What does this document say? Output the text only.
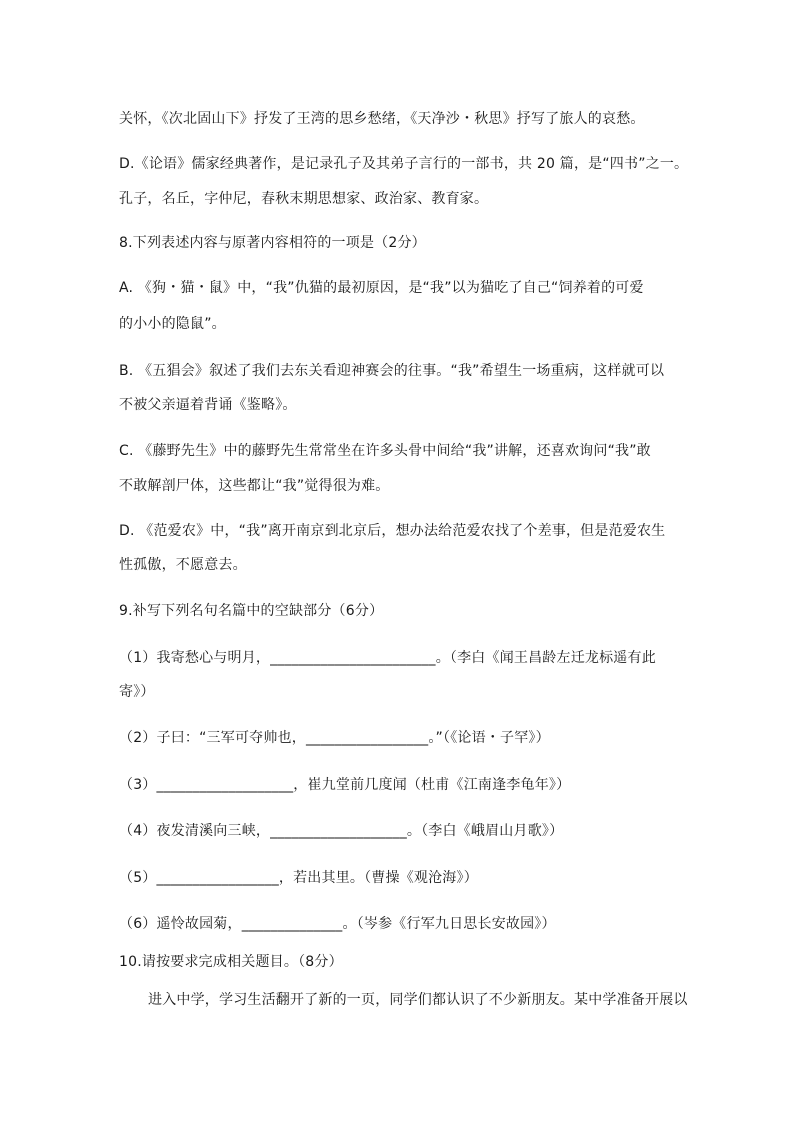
关怀，《次北固山下》抒发了王湾的思乡愁绪，《天净沙・秋思》抒写了旅人的哀愁。
D.《论语》儒家经典著作，是记录孔子及其弟子言行的一部书，共 20 篇，是“四书”之一。
孔子，名丘，字仲尼，春秋末期思想家、政治家、教育家。
8.下列表述内容与原著内容相符的一项是（2分）
A. 《狗・猫・鼠》中，“我”仇猫的最初原因，是“我”以为猫吃了自己“饲养着的可爱
的小小的隐鼠”。
B. 《五猖会》叙述了我们去东关看迎神赛会的往事。“我”希望生一场重病，这样就可以
不被父亲逼着背诵《鉴略》。
C. 《藤野先生》中的藤野先生常常坐在许多头骨中间给“我”讲解，还喜欢询问“我”敢
不敢解剖尸体，这些都让“我”觉得很为难。
D. 《范爱农》中，“我”离开南京到北京后，想办法给范爱农找了个差事，但是范爱农生
性孤傲，不愿意去。
9.补写下列名句名篇中的空缺部分（6分）
（1）我寄愁心与明月，_______________________。（李白《闻王昌龄左迁龙标遥有此
寄》）
（2）子曰：“三军可夺帅也，_________________。”（《论语・子罕》）
（3）___________________，崔九堂前几度闻（杜甫《江南逢李龟年》）
（4）夜发清溪向三峡，___________________。（李白《峨眉山月歌》）
（5）_________________，若出其里。（曹操《观沧海》）
（6）遥怜故园菊，______________。（岑参《行军九日思长安故园》）
10.请按要求完成相关题目。（8分）
进入中学，学习生活翻开了新的一页，同学们都认识了不少新朋友。某中学准备开展以
